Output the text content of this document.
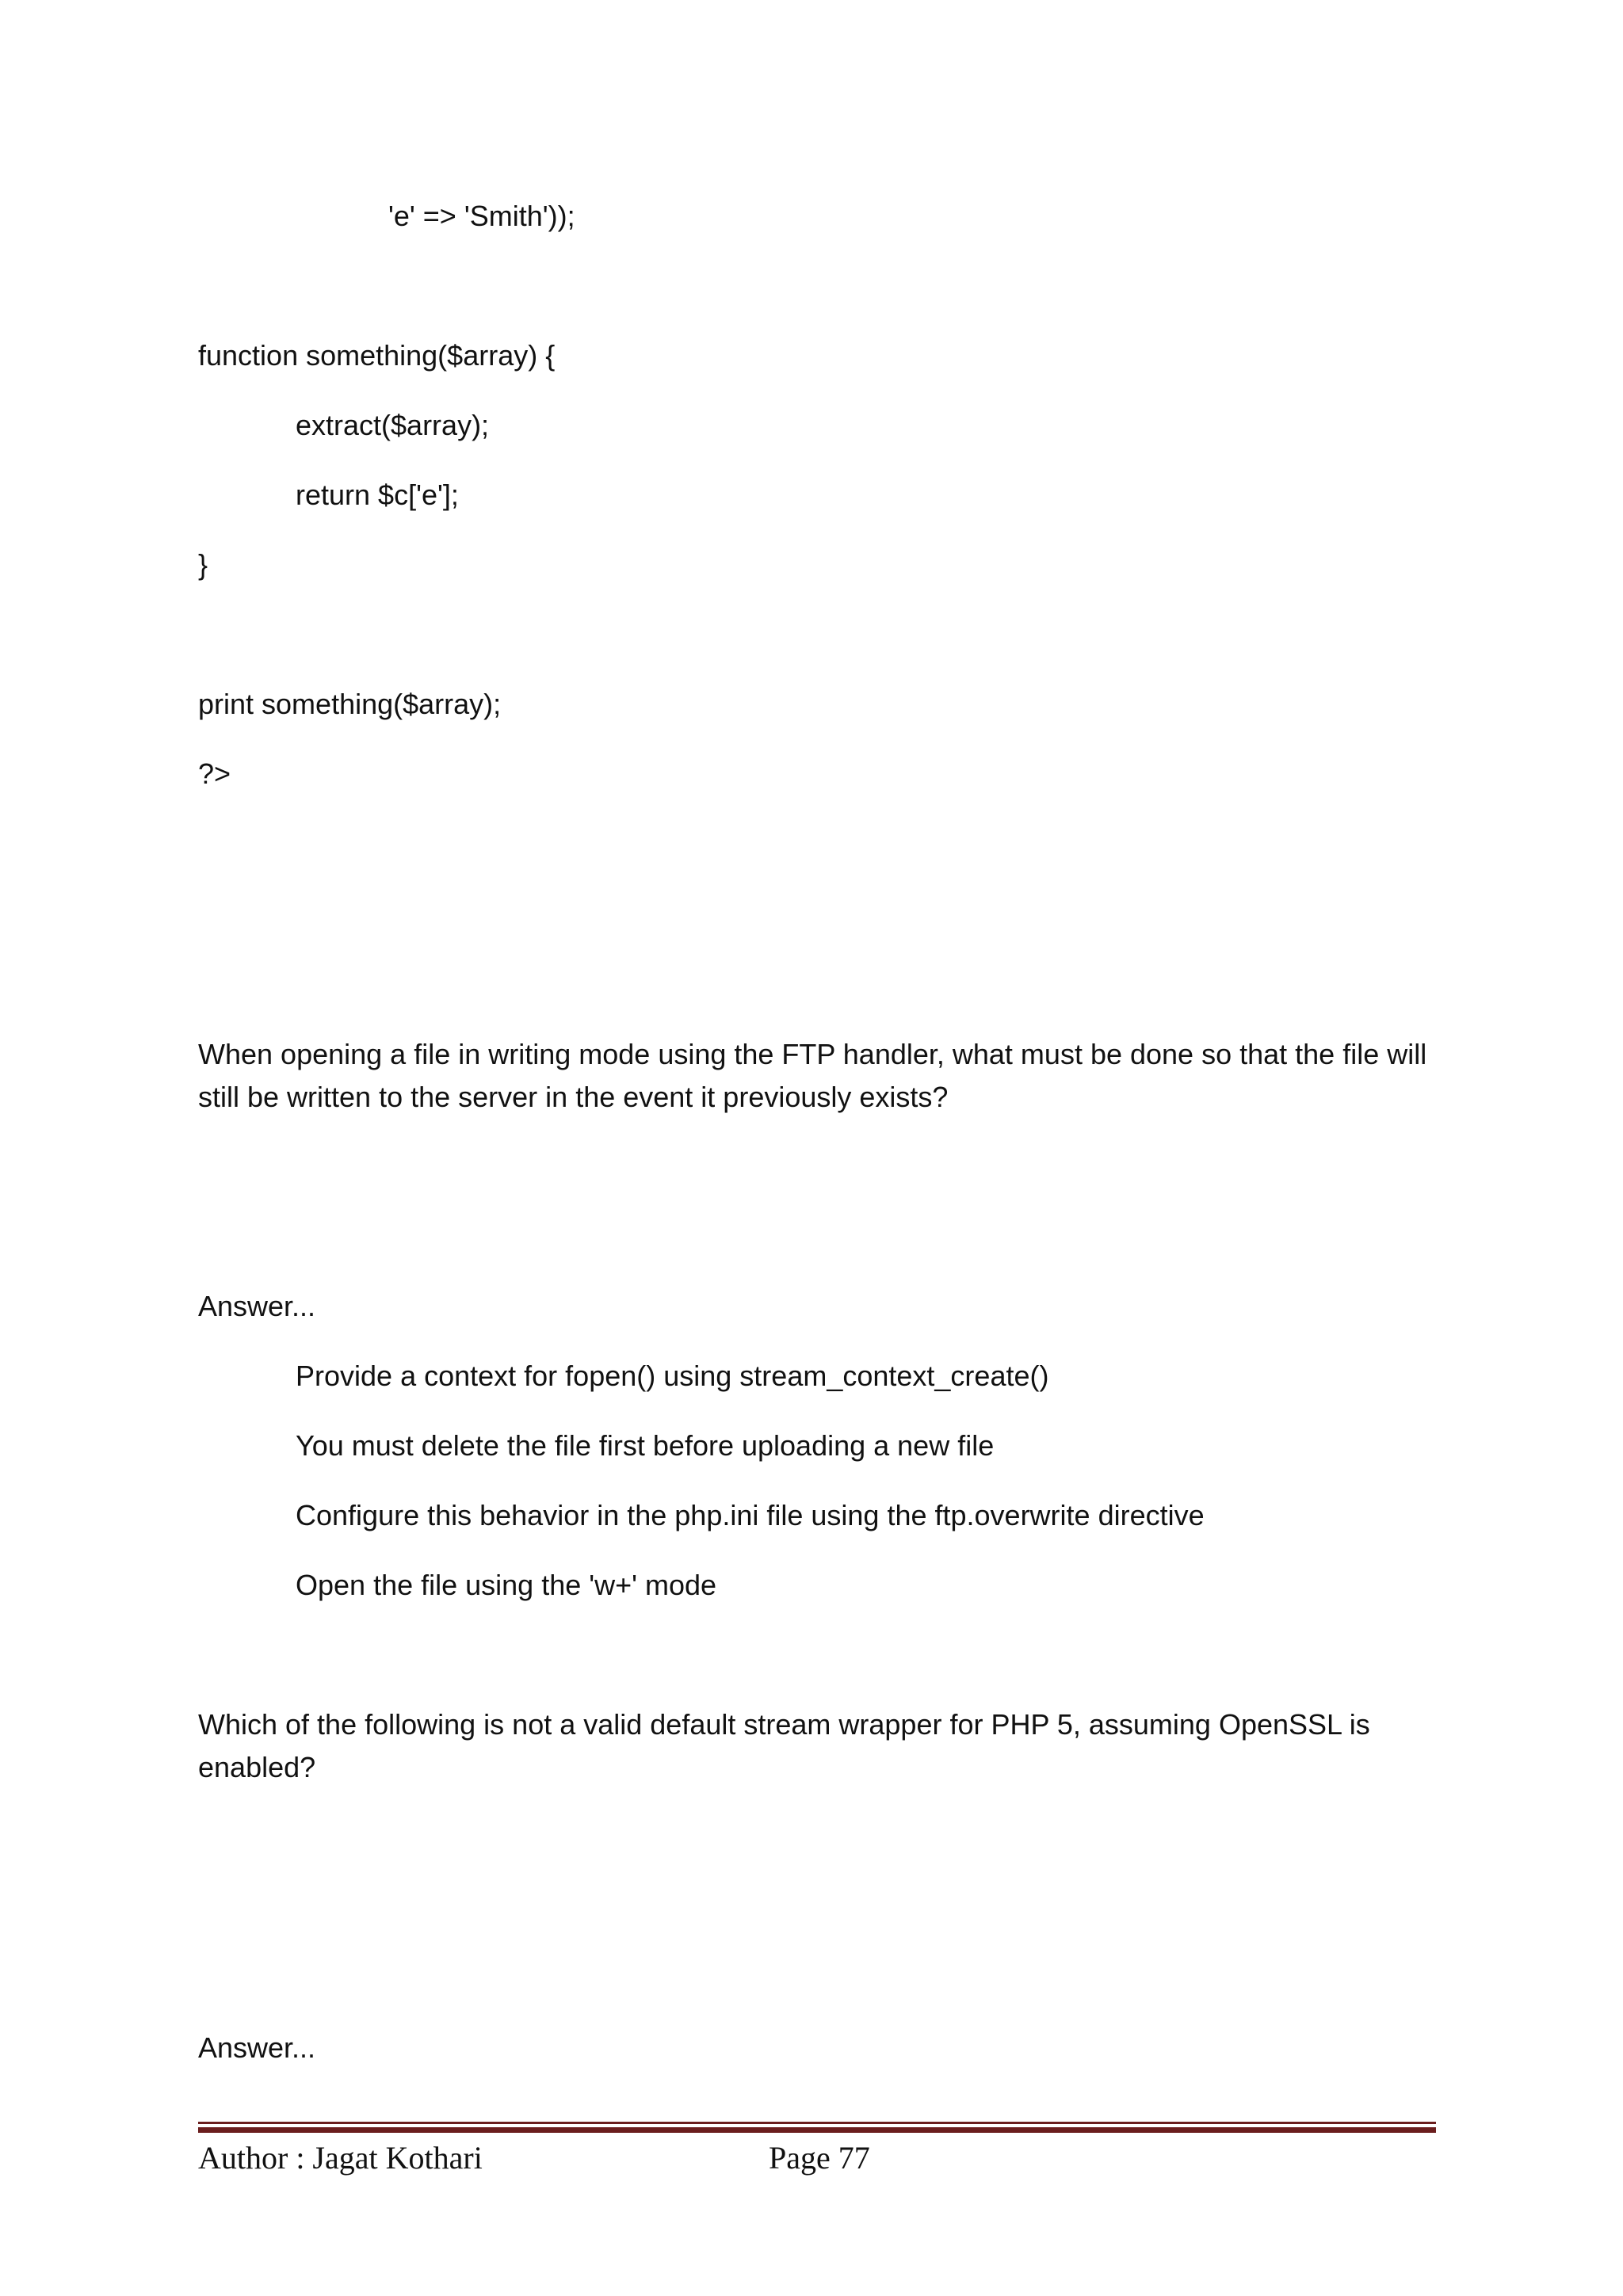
'e' => 'Smith'));
function something($array) {
extract($array);
return $c['e'];
}
print something($array);
?>
When opening a file in writing mode using the FTP handler, what must be done so that the file will still be written to the server in the event it previously exists?
Answer...
Provide a context for fopen() using stream_context_create()
You must delete the file first before uploading a new file
Configure this behavior in the php.ini file using the ftp.overwrite directive
Open the file using the 'w+' mode
Which of the following is not a valid default stream wrapper for PHP 5, assuming OpenSSL is enabled?
Answer...
Author : Jagat Kothari	Page 77
